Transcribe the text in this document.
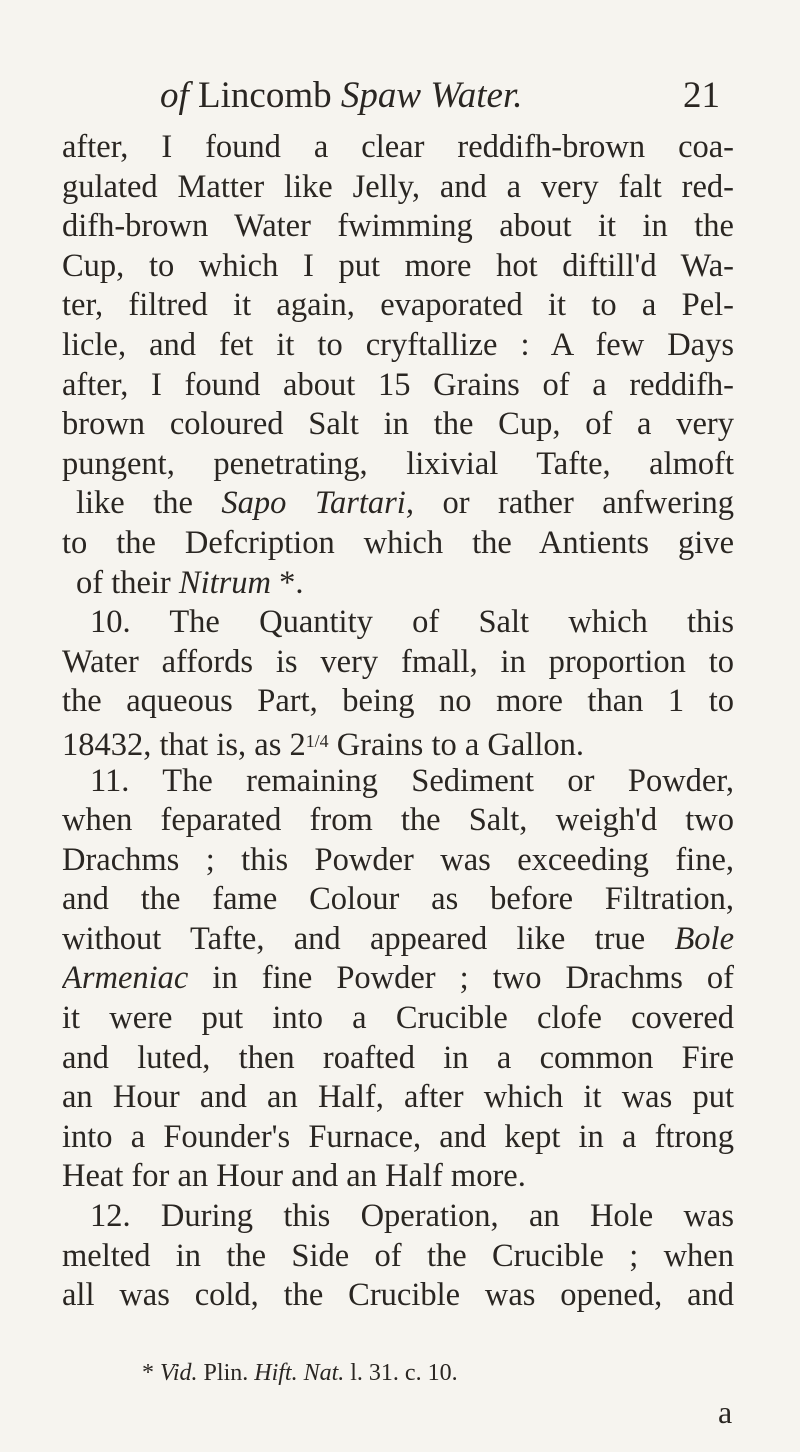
of Lincomb Spaw Water.	21
after, I found a clear reddifh-brown coa-
gulated Matter like Jelly, and a very falt red-
difh-brown Water fwimming about it in the
Cup, to which I put more hot diftill'd Wa-
ter, filtred it again, evaporated it to a Pel-
licle, and fet it to cryftallize : A few Days
after, I found about 15 Grains of a reddifh-
brown coloured Salt in the Cup, of a very
pungent, penetrating, lixivial Tafte, almoft
like the Sapo Tartari, or rather anfwering
to the Defcription which the Antients give
of their Nitrum *.
10. The Quantity of Salt which this
Water affords is very fmall, in proportion to
the aqueous Part, being no more than 1 to
18432, that is, as 21/4 Grains to a Gallon.
11. The remaining Sediment or Powder,
when feparated from the Salt, weigh'd two
Drachms ; this Powder was exceeding fine,
and the fame Colour as before Filtration,
without Tafte, and appeared like true Bole
Armeniac in fine Powder ; two Drachms of
it were put into a Crucible clofe covered
and luted, then roafted in a common Fire
an Hour and an Half, after which it was put
into a Founder's Furnace, and kept in a ftrong
Heat for an Hour and an Half more.
12. During this Operation, an Hole was
melted in the Side of the Crucible ; when
all was cold, the Crucible was opened, and
* Vid. Plin. Hift. Nat. l. 31. c. 10.
a
